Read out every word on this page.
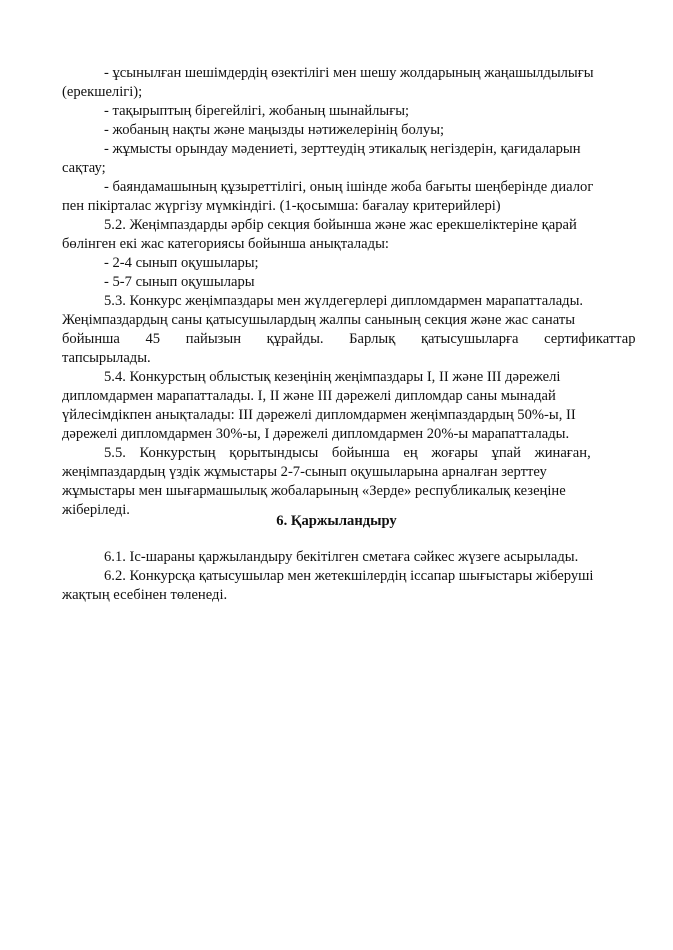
- ұсынылған шешімдердің өзектілігі мен шешу жолдарының жаңашылдылығы
(ерекшелігі);
- тақырыптың бірегейлігі, жобаның шынайлығы;
- жобаның нақты және маңызды нәтижелерінің болуы;
- жұмысты орындау мәдениеті, зерттеудің этикалық негіздерін, қағидаларын
сақтау;
- баяндамашының құзыреттілігі, оның ішінде жоба бағыты шеңберінде диалог
пен пікірталас жүргізу мүмкіндігі. (1-қосымша: бағалау критерийлері)
5.2. Жеңімпаздарды әрбір секция бойынша және жас ерекшеліктеріне қарай
бөлінген екі жас категориясы бойынша анықталады:
- 2-4 сынып оқушылары;
- 5-7 сынып оқушылары
5.3. Конкурс жеңімпаздары мен жүлдегерлері дипломдармен марапатталады.
Жеңімпаздардың саны қатысушылардың жалпы санының секция және жас санаты
бойынша 45 пайызын құрайды. Барлық қатысушыларға сертификаттар
тапсырылады.
5.4. Конкурстың облыстық кезеңінің жеңімпаздары I, II және III дәрежелі
дипломдармен марапатталады. I, II және III дәрежелі дипломдар саны мынадай
үйлесімдікпен анықталады: III дәрежелі дипломдармен жеңімпаздардың 50%-ы, II
дәрежелі дипломдармен 30%-ы, I дәрежелі дипломдармен 20%-ы марапатталады.
5.5. Конкурстың қорытындысы бойынша ең жоғары ұпай жинаған,
жеңімпаздардың үздік жұмыстары 2-7-сынып оқушыларына арналған зерттеу
жұмыстары мен шығармашылық жобаларының «Зерде» республикалық кезеңіне
жіберіледі.
6. Қаржыландыру
6.1. Іс-шараны қаржыландыру бекітілген сметаға сәйкес жүзеге асырылады.
6.2. Конкурсқа қатысушылар мен жетекшілердің іссапар шығыстары жіберуші
жақтың есебінен төленеді.
